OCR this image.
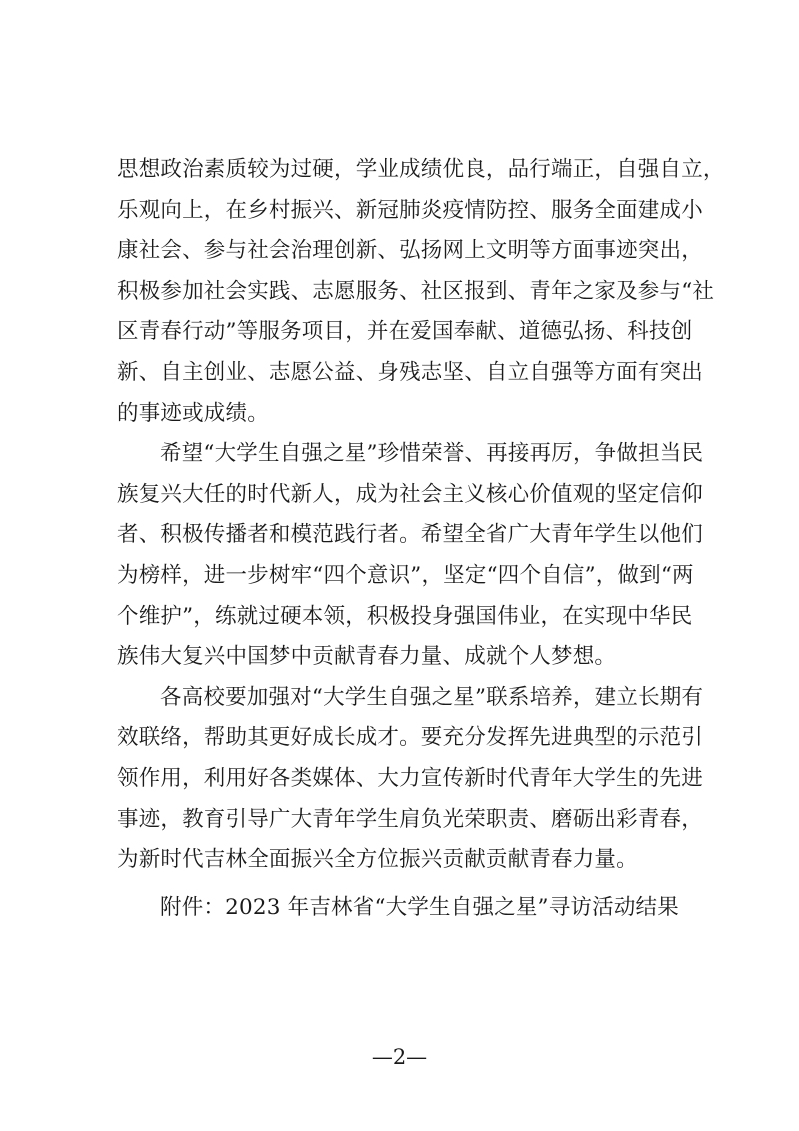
思想政治素质较为过硬，学业成绩优良，品行端正，自强自立，
乐观向上，在乡村振兴、新冠肺炎疫情防控、服务全面建成小
康社会、参与社会治理创新、弘扬网上文明等方面事迹突出，
积极参加社会实践、志愿服务、社区报到、青年之家及参与“社
区青春行动”等服务项目，并在爱国奉献、道德弘扬、科技创
新、自主创业、志愿公益、身残志坚、自立自强等方面有突出
的事迹或成绩。
希望“大学生自强之星”珍惜荣誉、再接再厉，争做担当民
族复兴大任的时代新人，成为社会主义核心价值观的坚定信仰
者、积极传播者和模范践行者。希望全省广大青年学生以他们
为榜样，进一步树牢“四个意识”，坚定“四个自信”，做到“两
个维护”，练就过硬本领，积极投身强国伟业，在实现中华民
族伟大复兴中国梦中贡献青春力量、成就个人梦想。
各高校要加强对“大学生自强之星”联系培养，建立长期有
效联络，帮助其更好成长成才。要充分发挥先进典型的示范引
领作用，利用好各类媒体、大力宣传新时代青年大学生的先进
事迹，教育引导广大青年学生肩负光荣职责、磨砺出彩青春，
为新时代吉林全面振兴全方位振兴贡献贡献青春力量。
附件：2023 年吉林省“大学生自强之星”寻访活动结果
—2—
